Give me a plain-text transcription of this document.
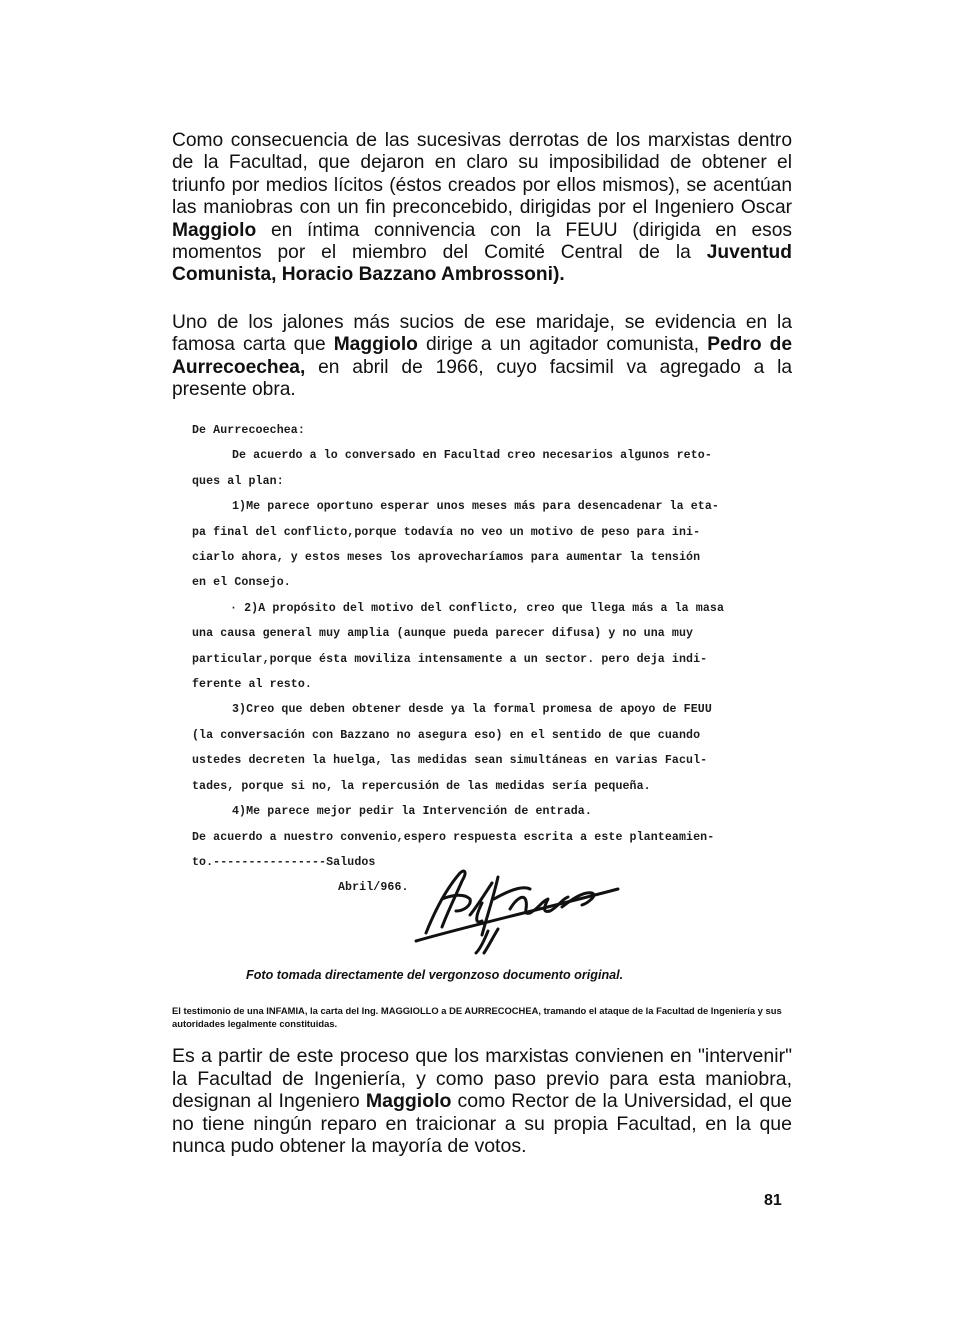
Como consecuencia de las sucesivas derrotas de los marxistas dentro de la Facultad, que dejaron en claro su imposibilidad de obtener el triunfo por medios lícitos (éstos creados por ellos mismos), se acentúan las maniobras con un fin preconcebido, dirigidas por el Ingeniero Oscar Maggiolo en íntima connivencia con la FEUU (dirigida en esos momentos por el miembro del Comité Central de la Juventud Comunista, Horacio Bazzano Ambrossoni).

Uno de los jalones más sucios de ese maridaje, se evidencia en la famosa carta que Maggiolo dirige a un agitador comunista, Pedro de Aurrecoechea, en abril de 1966, cuyo facsimil va agregado a la presente obra.

De Aurrecoechea:
De acuerdo a lo conversado en Facultad creo necesarios algunos reto-
ques al plan:
1)Me parece oportuno esperar unos meses más para desencadenar la eta-
pa final del conflicto,porque todavía no veo un motivo de peso para ini-
ciarlo ahora, y estos meses los aprovecharíamos para aumentar la tensión
en el Consejo.
· 2)A propósito del motivo del conflicto, creo que llega más a la masa
una causa general muy amplia (aunque pueda parecer difusa) y no una muy
particular,porque ésta moviliza intensamente a un sector. pero deja indi-
ferente al resto.
3)Creo que deben obtener desde ya la formal promesa de apoyo de FEUU
(la conversación con Bazzano no asegura eso) en el sentido de que cuando
ustedes decreten la huelga, las medidas sean simultáneas en varias Facul-
tades, porque si no, la repercusión de las medidas sería pequeña.
4)Me parece mejor pedir la Intervención de entrada.
De acuerdo a nuestro convenio,espero respuesta escrita a este planteamien-
to.----------------Saludos
Abril/966.
Foto tomada directamente del vergonzoso documento original.
El testimonio de una INFAMIA, la carta del Ing. MAGGIOLLO a DE AURRECOCHEA, tramando el ataque de la Facultad de Ingeniería y sus autoridades legalmente constituidas.

Es a partir de este proceso que los marxistas convienen en "intervenir" la Facultad de Ingeniería, y como paso previo para esta maniobra, designan al Ingeniero Maggiolo como Rector de la Universidad, el que no tiene ningún reparo en traicionar a su propia Facultad, en la que nunca pudo obtener la mayoría de votos.

81
